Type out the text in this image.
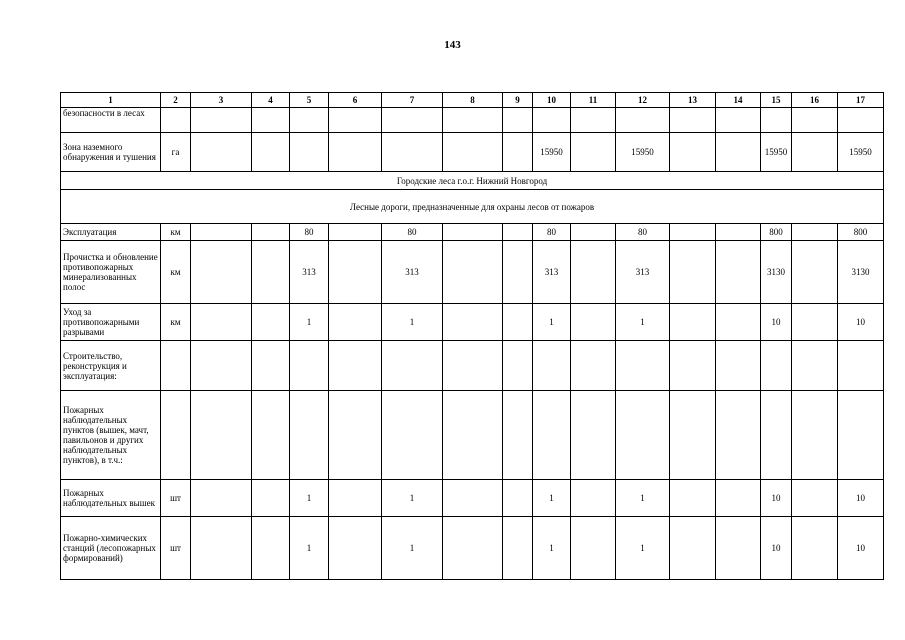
143
1	2	3	4	5	6	7	8	9	10	11	12	13	14	15	16	17
безопасности в лесах																
Зона наземного обнаружения и тушения	га								15950		15950			15950		15950
Городские леса г.о.г. Нижний Новгород																
Лесные дороги, предназначенные для охраны лесов от пожаров																
Эксплуатация	км			80		80			80		80			800		800
Прочистка и обновление противопожарных минерализованных полос	км			313		313			313		313			3130		3130
Уход за противопожарными разрывами	км			1		1			1		1			10		10
Строительство, реконструкция и эксплуатация:																
Пожарных наблюдательных пунктов (вышек, мачт, павильонов и других наблюдательных пунктов), в т.ч.:																
Пожарных наблюдательных вышек	шт			1		1			1		1			10		10
Пожарно-химических станций (лесопожарных формирований)	шт			1		1			1		1			10		10
